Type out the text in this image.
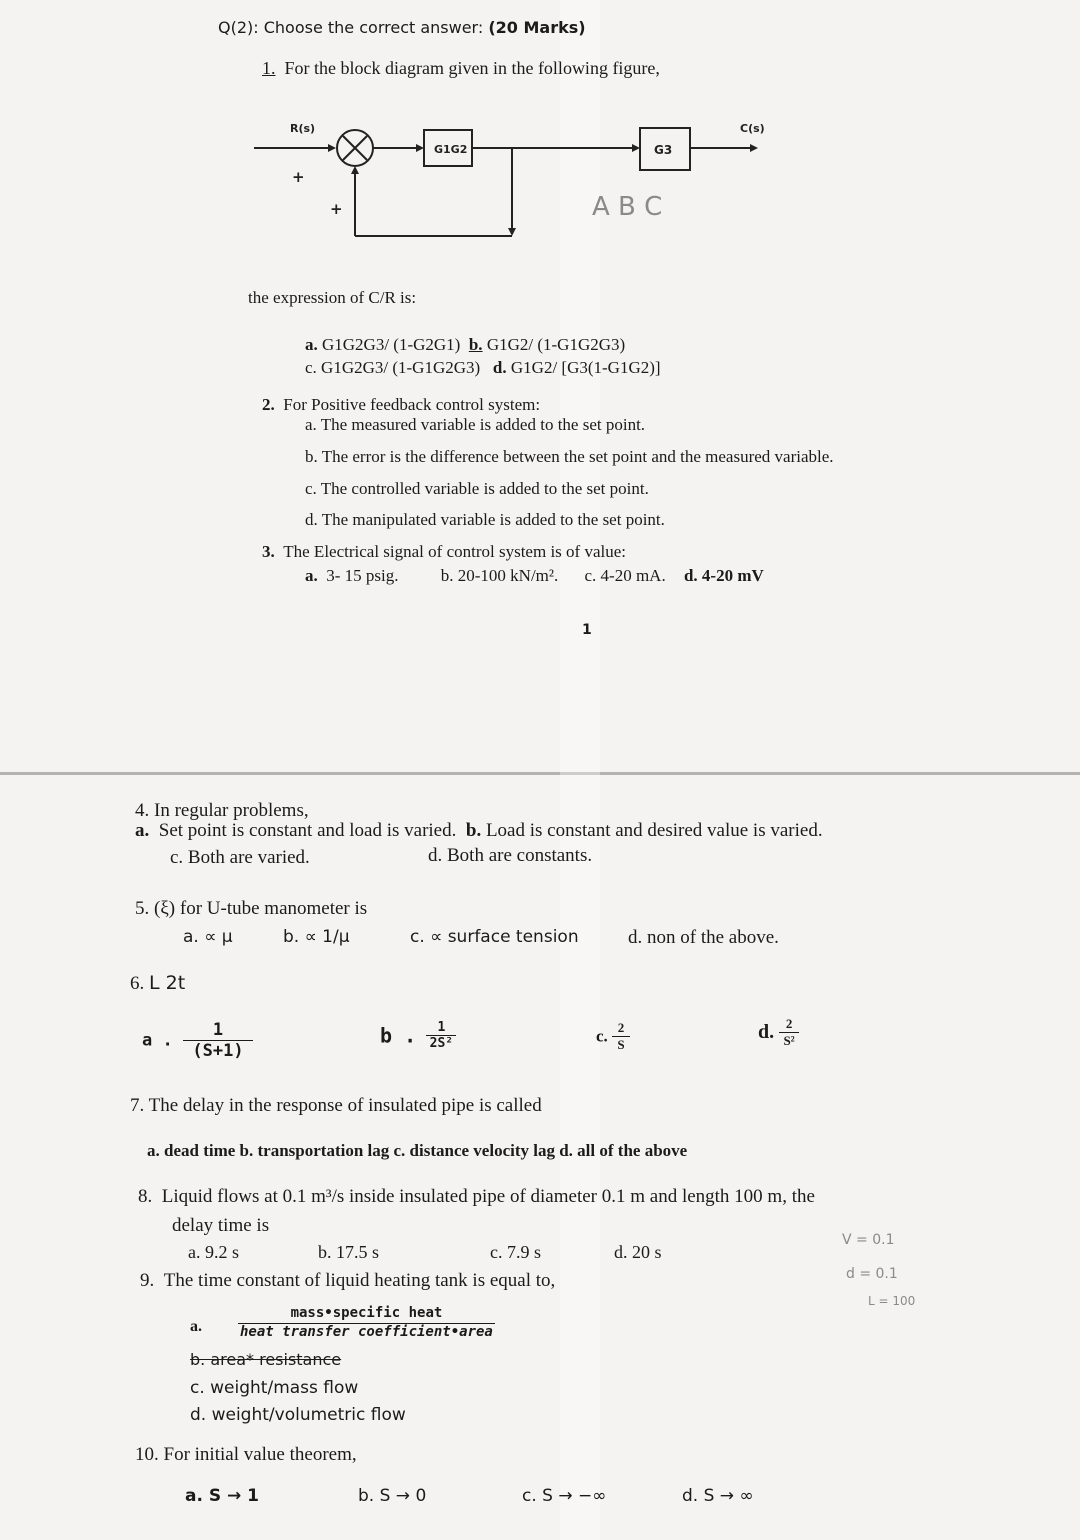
Q(2): Choose the correct answer: (20 Marks)
1. For the block diagram given in the following figure,
R(s)	C(s)
G1G2	G3
+
+	A B C
the expression of C/R is:
a. G1G2G3/ (1-G2G1) b. G1G2/ (1-G1G2G3)
c. G1G2G3/ (1-G1G2G3) d. G1G2/ [G3(1-G1G2)]
2. For Positive feedback control system:
a. The measured variable is added to the set point.
b. The error is the difference between the set point and the measured variable.
c. The controlled variable is added to the set point.
d. The manipulated variable is added to the set point.
3. The Electrical signal of control system is of value:
a. 3- 15 psig. b. 20-100 kN/m². c. 4-20 mA. d. 4-20 mV
1
4. In regular problems,
a. Set point is constant and load is varied. b. Load is constant and desired value is varied.
c. Both are varied.	d. Both are constants.
5. (ξ) for U-tube manometer is
a. ∝ μ	b. ∝ 1/μ	c. ∝ surface tension	d. non of the above.
6. L 2t
a . $\frac{1}{(S+1)}$	b . $\frac{1}{\text{2S²}}$	c. $\frac{2}{S}$	d. $\frac{2}{\text{S²}}$
7. The delay in the response of insulated pipe is called
a. dead time b. transportation lag c. distance velocity lag d. all of the above
8. Liquid flows at 0.1 m³/s inside insulated pipe of diameter 0.1 m and length 100 m, the
delay time is
a. 9.2 s	b. 17.5 s	c. 7.9 s	d. 20 s
V = 0.1
d = 0.1
L = 100
9. The time constant of liquid heating tank is equal to,
a.	$\frac{\text{mass•specific heat}}{\text{heat transfer coefficient•area}}$
b. area* resistance
c. weight/mass flow
d. weight/volumetric flow
10. For initial value theorem,
a. S → 1	b. S → 0	c. S → −∞	d. S → ∞
